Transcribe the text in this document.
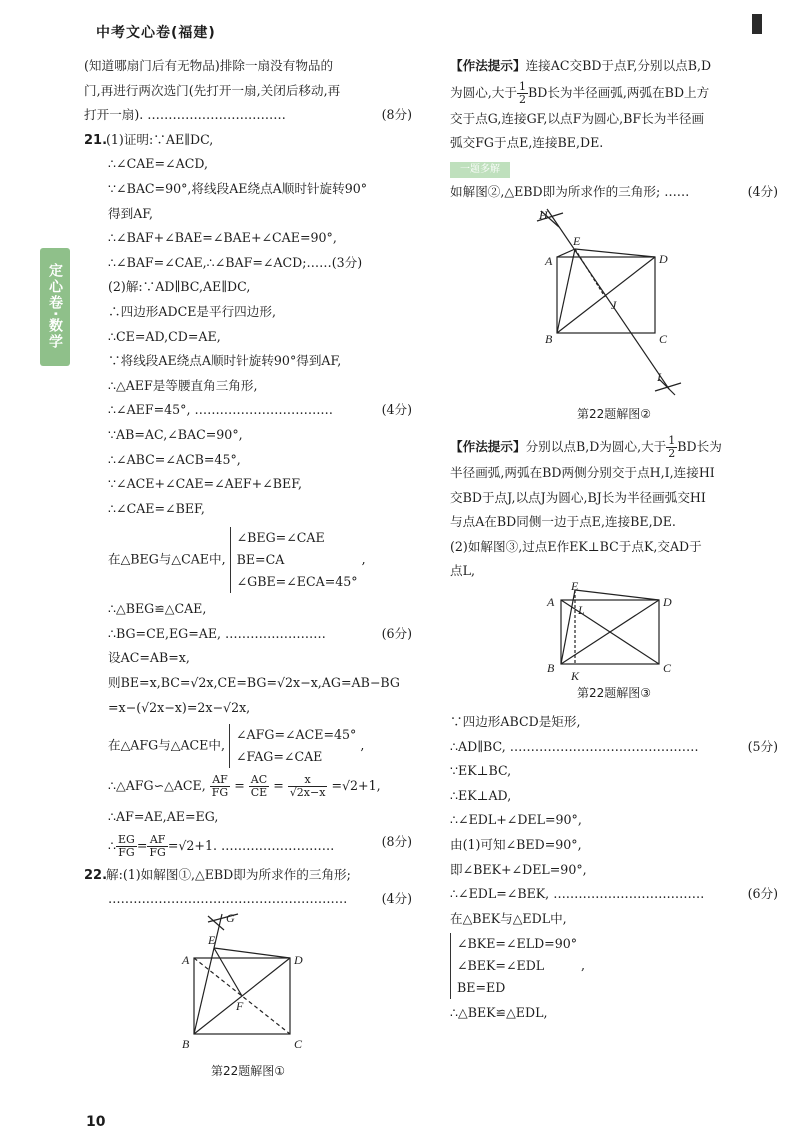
中考文心卷(福建)
定心卷·数学
(知道哪扇门后有无物品)排除一扇没有物品的
门,再进行两次选门(先打开一扇,关闭后移动,再
打开一扇). ……………………………	(8分)
21.(1)证明:∵AE∥DC,
∴∠CAE=∠ACD,
∵∠BAC=90°,将线段AE绕点A顺时针旋转90°
得到AF,
∴∠BAF+∠BAE=∠BAE+∠CAE=90°,
∴∠BAF=∠CAE,∴∠BAF=∠ACD;……(3分)
(2)解:∵AD∥BC,AE∥DC,
∴四边形ADCE是平行四边形,
∴CE=AD,CD=AE,
∵将线段AE绕点A顺时针旋转90°得到AF,
∴△AEF是等腰直角三角形,
∴∠AEF=45°, ……………………………	(4分)
∵AB=AC,∠BAC=90°,
∴∠ABC=∠ACB=45°,
∵∠ACE+∠CAE=∠AEF+∠BEF,
∴∠CAE=∠BEF,
在△BEG与△CAE中,
∠BEG=∠CAE
BE=CA
∠GBE=∠ECA=45°
,
∴△BEG≌△CAE,
∴BG=CE,EG=AE, ……………………	(6分)
设AC=AB=x,
则BE=x,BC=√2x,CE=BG=√2x−x,AG=AB−BG
=x−(√2x−x)=2x−√2x,
在△AFG与△ACE中,
∠AFG=∠ACE=45°
∠FAG=∠CAE
,
∴△AFG∽△ACE, $\frac{AF}{FG} = \frac{AC}{CE} = \frac{x}{√2x-x} =√2+1$,
∴AF=AE,AE=EG,
∴ $\frac{EG}{FG} = \frac{AF}{FG} =√2+1$. ………………………	(8分)
22.解:(1)如解图①,△EBD即为所求作的三角形;
…………………………………………………	(4分)
G
E
A	D
F
B	C
第22题解图①
【作法提示】连接AC交BD于点F,分别以点B,D
为圆心,大于 $\frac{1}{2}$ BD长为半径画弧,两弧在BD上方
交于点G,连接GF,以点F为圆心,BF长为半径画
弧交FG于点E,连接BE,DE.
一题多解
如解图②,△EBD即为所求作的三角形; ……	(4分)
H
E
A	D
J
B	C
I
第22题解图②
【作法提示】分别以点B,D为圆心,大于 $\frac{1}{2}$ BD长为
半径画弧,两弧在BD两侧分别交于点H,I,连接HI
交BD于点J,以点J为圆心,BJ长为半径画弧交HI
与点A在BD同侧一边于点E,连接BE,DE.
(2)如解图③,过点E作EK⊥BC于点K,交AD于
点L,
E
A
L
D
B
K
C
第22题解图③
∵四边形ABCD是矩形,
∴AD∥BC, ………………………………………	(5分)
∵EK⊥BC,
∴EK⊥AD,
∴∠EDL+∠DEL=90°,
由(1)可知∠BED=90°,
即∠BEK+∠DEL=90°,
∴∠EDL=∠BEK, ………………………………	(6分)
在△BEK与△EDL中,
∠BKE=∠ELD=90°
∠BEK=∠EDL
BE=ED
,
∴△BEK≌△EDL,
10
